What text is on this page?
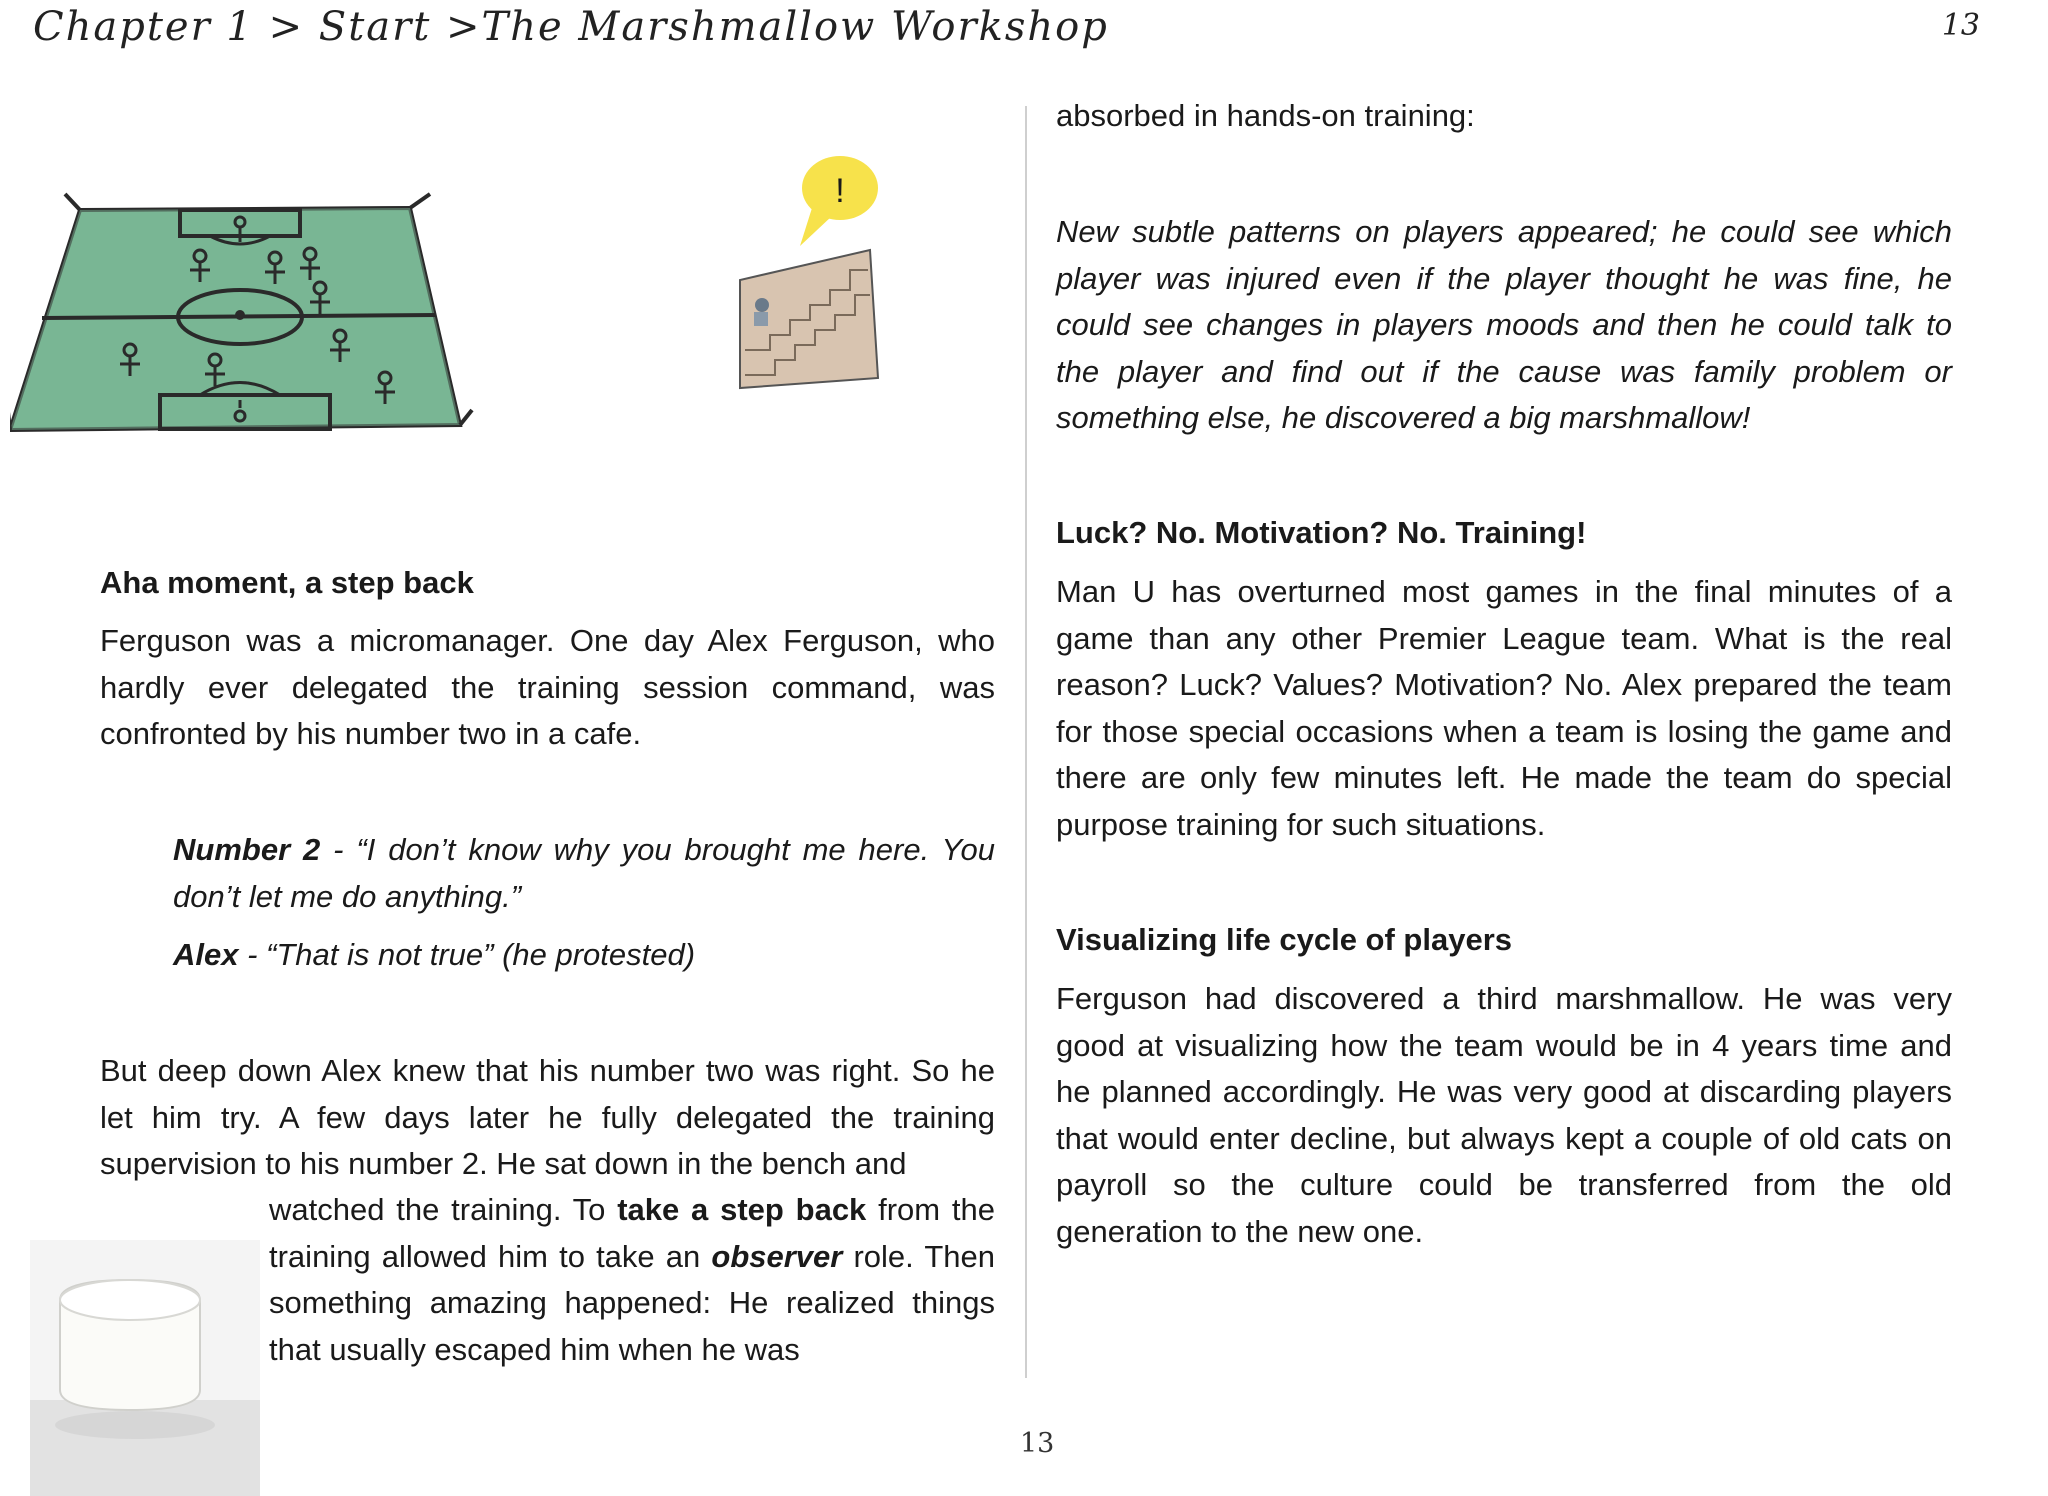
Chapter 1 > Start >The Marshmallow Workshop	13
!
Aha moment, a step back

Ferguson was a micromanager. One day Alex Ferguson, who hardly ever delegated the training session command, was confronted by his number two in a cafe.

Number 2 - “I don’t know why you brought me here. You don’t let me do anything.”

Alex - “That is not true” (he protested)

But deep down Alex knew that his number two was right. So he let him try. A few days later he fully delegated the training supervision to his number 2. He sat down in the bench and

watched the training. To take a step back from the training allowed him to take an observer role. Then something amazing happened: He realized things that usually escaped him when he was

absorbed in hands-on training:

New subtle patterns on players appeared; he could see which player was injured even if the player thought he was fine, he could see changes in players moods and then he could talk to the player and find out if the cause was family problem or something else, he discovered a big marshmallow!

Luck? No. Motivation? No. Training!

Man U has overturned most games in the final minutes of a game than any other Premier League team. What is the real reason? Luck? Values? Motivation? No. Alex prepared the team for those special occasions when a team is losing the game and there are only few minutes left. He made the team do special purpose training for such situations.

Visualizing life cycle of players

Ferguson had discovered a third marshmallow. He was very good at visualizing how the team would be in 4 years time and he planned accordingly. He was very good at discarding players that would enter decline, but always kept a couple of old cats on payroll so the culture could be transferred from the old generation to the new one.

13
